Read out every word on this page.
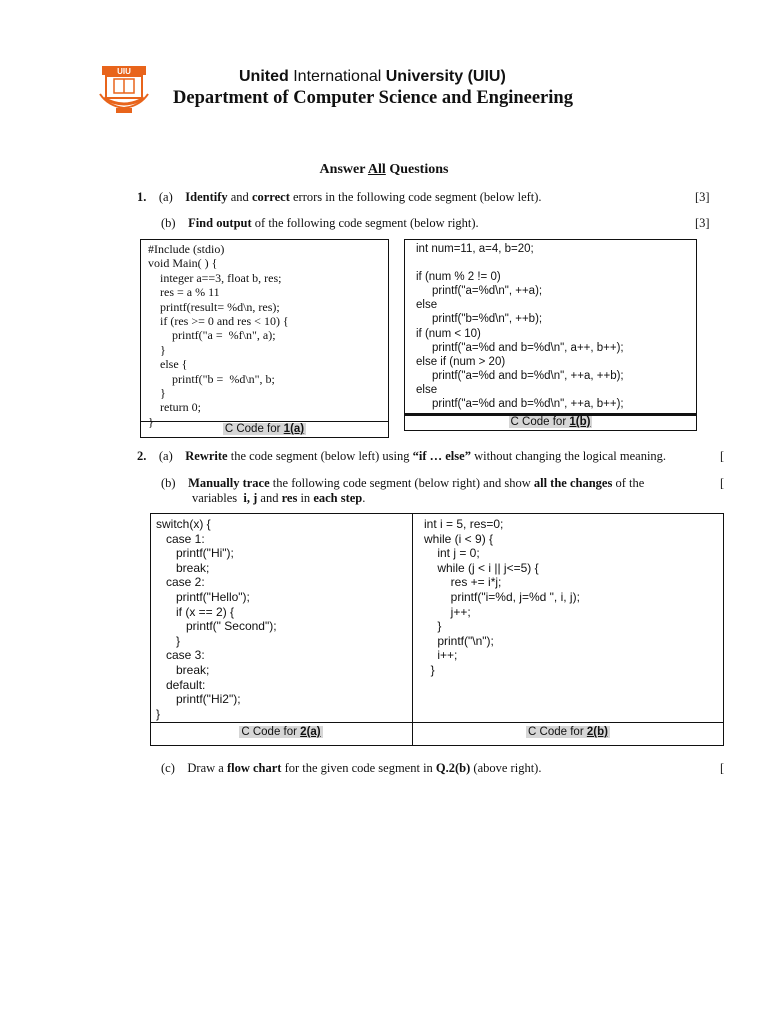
UIU	United International University (UIU)
Department of Computer Science and Engineering
Answer All Questions
1. (a) Identify and correct errors in the following code segment (below left).	[3]
(b) Find output of the following code segment (below right).	[3]
#Include (stdio)
void Main( ) {
integer a==3, float b, res;
res = a % 11
printf(result= %d\n, res);
if (res >= 0 and res < 10) {
printf("a =  %f\n", a);
}
else {
printf("b =  %d\n", b;
}
return 0;
}
C Code for 1(a)
int num=11, a=4, b=20;

if (num % 2 != 0)
printf("a=%d\n", ++a);
else
printf("b=%d\n", ++b);
if (num < 10)
printf("a=%d and b=%d\n", a++, b++);
else if (num > 20)
printf("a=%d and b=%d\n", ++a, ++b);
else
printf("a=%d and b=%d\n", ++a, b++);
C Code for 1(b)
2. (a) Rewrite the code segment (below left) using “if … else” without changing the logical meaning.	[
(b) Manually trace the following code segment (below right) and show all the changes of the	[
variables i, j and res in each step.
switch(x) {
case 1:
printf("Hi");
break;
case 2:
printf("Hello");
if (x == 2) {
printf(" Second");
}
case 3:
break;
default:
printf("Hi2");
}
int i = 5, res=0;
while (i < 9) {
int j = 0;
while (j < i || j<=5) {
res += i*j;
printf("i=%d, j=%d ", i, j);
j++;
}
printf("\n");
i++;
}
C Code for 2(a)	C Code for 2(b)
(c) Draw a flow chart for the given code segment in Q.2(b) (above right).	[
